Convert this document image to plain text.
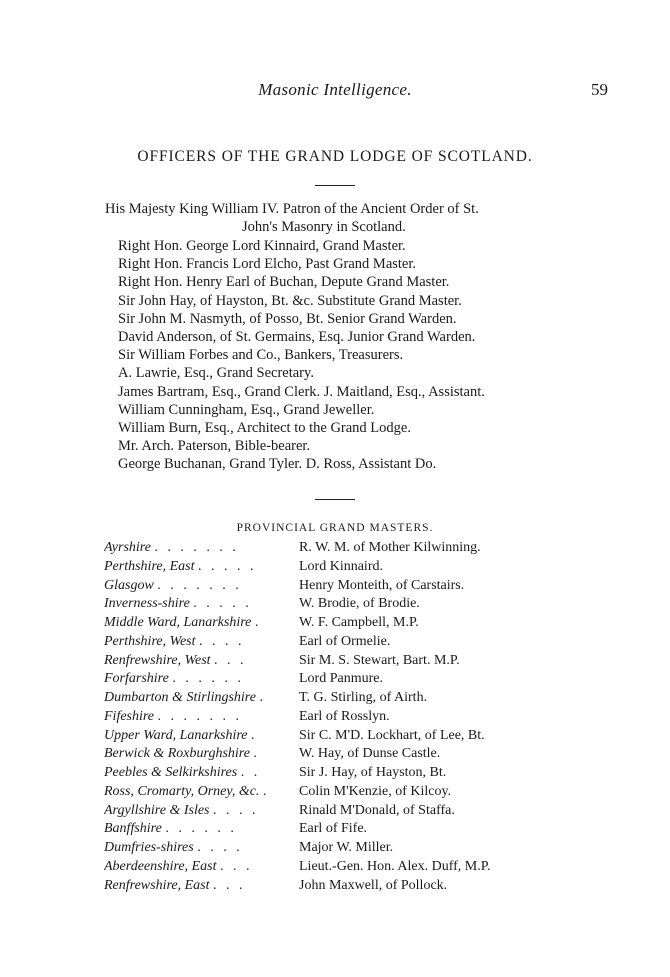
Masonic Intelligence.	59
OFFICERS OF THE GRAND LODGE OF SCOTLAND.
His Majesty King William IV. Patron of the Ancient Order of St.
John's Masonry in Scotland.
Right Hon. George Lord Kinnaird, Grand Master.
Right Hon. Francis Lord Elcho, Past Grand Master.
Right Hon. Henry Earl of Buchan, Depute Grand Master.
Sir John Hay, of Hayston, Bt. &c. Substitute Grand Master.
Sir John M. Nasmyth, of Posso, Bt. Senior Grand Warden.
David Anderson, of St. Germains, Esq. Junior Grand Warden.
Sir William Forbes and Co., Bankers, Treasurers.
A. Lawrie, Esq., Grand Secretary.
James Bartram, Esq., Grand Clerk. J. Maitland, Esq., Assistant.
William Cunningham, Esq., Grand Jeweller.
William Burn, Esq., Architect to the Grand Lodge.
Mr. Arch. Paterson, Bible-bearer.
George Buchanan, Grand Tyler. D. Ross, Assistant Do.
PROVINCIAL GRAND MASTERS.
Ayrshire . . . . . . .	R. W. M. of Mother Kilwinning.
Perthshire, East . . . . .	Lord Kinnaird.
Glasgow . . . . . . .	Henry Monteith, of Carstairs.
Inverness-shire . . . . .	W. Brodie, of Brodie.
Middle Ward, Lanarkshire .	W. F. Campbell, M.P.
Perthshire, West . . . .	Earl of Ormelie.
Renfrewshire, West . . .	Sir M. S. Stewart, Bart. M.P.
Forfarshire . . . . . .	Lord Panmure.
Dumbarton & Stirlingshire .	T. G. Stirling, of Airth.
Fifeshire . . . . . . .	Earl of Rosslyn.
Upper Ward, Lanarkshire .	Sir C. M'D. Lockhart, of Lee, Bt.
Berwick & Roxburghshire .	W. Hay, of Dunse Castle.
Peebles & Selkirkshires . .	Sir J. Hay, of Hayston, Bt.
Ross, Cromarty, Orney, &c. .	Colin M'Kenzie, of Kilcoy.
Argyllshire & Isles . . . .	Rinald M'Donald, of Staffa.
Banffshire . . . . . .	Earl of Fife.
Dumfries-shires . . . .	Major W. Miller.
Aberdeenshire, East . . .	Lieut.-Gen. Hon. Alex. Duff, M.P.
Renfrewshire, East . . .	John Maxwell, of Pollock.
